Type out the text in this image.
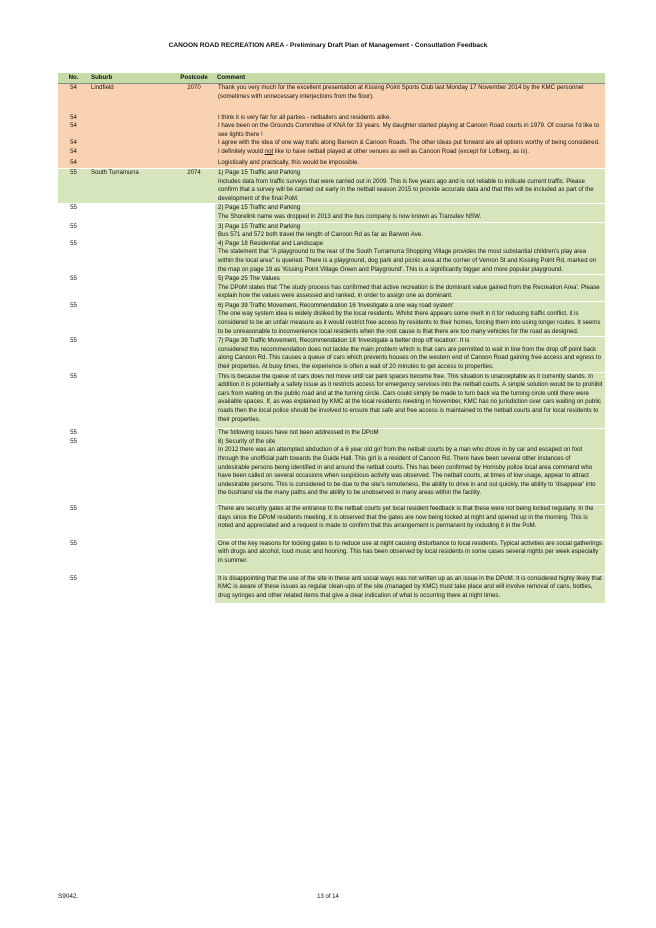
CANOON ROAD RECREATION AREA - Preliminary Draft Plan of Management - Consultation Feedback
No.	Suburb	Postcode	Comment
54	Lindfield	2070	Thank you very much for the excellent presentation at Kissing Point Sports Club last Monday 17 November 2014 by the KMC personnel (sometimes with unnecessary interjections from the floor).

54			I think it is very fair for all parties - netballers and residents alike.
54			I have been on the Grounds Committee of KNA for 33 years. My daughter started playing at Canoon Road courts in 1979. Of course I'd like to see lights there !
54			I agree with the idea of one way trafic along Barwon & Canoon Roads. The other ideas put forward are all options worthy of being considered.
54			I definitely would not like to have netball played at other venues as well as Canoon Road (except for Lofberg, as is).
54			Logistically and practically, this would be impossible.
55	South Turramurra	2074	1) Page 15 Traffic and Parking
Includes data from traffic surveys that were carried out in 2009. This is five years ago and is not reliable to indicate current traffic. Please confirm that a survey will be carried out early in the netball season 2015 to provide accurate data and that this will be included as part of the development of the final PoM.

55			2) Page 15 Traffic and Parking
The Shorelink name was dropped in 2013 and the bus company is now known as Transdev NSW.

55			3) Page 15 Traffic and Parking
Bus 571 and 572 both travel the length of Canoon Rd as far as Barwon Ave.

55			4) Page 18 Residential and Landscape
The statement that "A playground to the rear of the South Turramurra Shopping Village provides the most substantial children's play area within the local area" is queried. There is a playground, dog park and picnic area at the corner of Vernon St and Kissing Point Rd, marked on the map on page 19 as 'Kissing Point Village Green and Playground'. This is a significantly bigger and more popular playground.

55			5) Page 25 The Values
The DPoM states that 'The study process has confirmed that active recreation is the dominant value gained from the Recreation Area'. Please explain how the values were assessed and ranked, in order to assign one as dominant.

55			6) Page 39 Traffic Movement, Recommendation 16 'Investigate a one way road system'
The one way system idea is widely disliked by the local residents. Whilst there appears some merit in it for reducing traffic conflict, it is considered to be an unfair measure as it would restrict free access by residents to their homes, forcing them into using longer routes. It seems to be unreasonable to inconvenience local residents when the root cause is that there are too many vehicles for the road as designed.

55			7) Page 39 Traffic Movement, Recommendation 18 'Investigate a better drop off location'. It is
considered this recommendation does not tackle the main problem which is that cars are permitted to wait in line from the drop off point back along Canoon Rd. This causes a queue of cars which prevents houses on the western end of Canoon Road gaining free access and egress to their properties. At busy times, the experience is often a wait of 20 minutes to get access to properties.

55			This is because the queue of cars does not move until car park spaces become free. This situation is unacceptable as it currently stands. In addition it is potentially a safety issue as it restricts access for emergency services into the netball courts. A simple solution would be to prohibit cars from waiting on the public road and at the turning circle. Cars could simply be made to turn back via the turning circle until there were available spaces. If, as was explained by KMC at the local residents meeting in November, KMC has no jurisdiction over cars waiting on public roads then the local police should be involved to ensure that safe and free access is maintained to the netball courts and for local residents to their properties.
55			The following issues have not been addressed in the DPoM
55			8) Security of the site
In 2012 there was an attempted abduction of a 6 year old girl from the netball courts by a man who drove in by car and escaped on foot through the unofficial path towards the Guide Hall. This girl is a resident of Canoon Rd. There have been several other instances of undesirable persons being identified in and around the netball courts. This has been confirmed by Hornsby police local area command who have been called on several occasions when suspicious activity was observed. The netball courts, at times of low usage, appear to attract undesirable persons. This is considered to be due to the site's remoteness, the ability to drive in and out quickly, the ability to 'disappear' into the bushland via the many paths and the ability to be unobserved in many areas within the facility.

55			There are security gates at the entrance to the netball courts yet local resident feedback is that these were not being locked regularly. In the days since the DPoM residents meeting, it is observed that the gates are now being locked at night and opened up in the morning. This is noted and appreciated and a request is made to confirm that this arrangement is permanent by including it in the PoM.
55			One of the key reasons for locking gates is to reduce use at night causing disturbance to local residents. Typical activities are social gatherings with drugs and alcohol, loud music and hooning. This has been observed by local residents in some cases several nights per week especially in summer.
55			It is disappointing that the use of the site in these anti social ways was not written up as an issue in the DPoM. It is considered highly likely that KMC is aware of these issues as regular clean-ups of the site (managed by KMC) must take place and will involve removal of cans, bottles, drug syringes and other related items that give a clear indication of what is occurring there at night times.
S9042.	13 of 14
